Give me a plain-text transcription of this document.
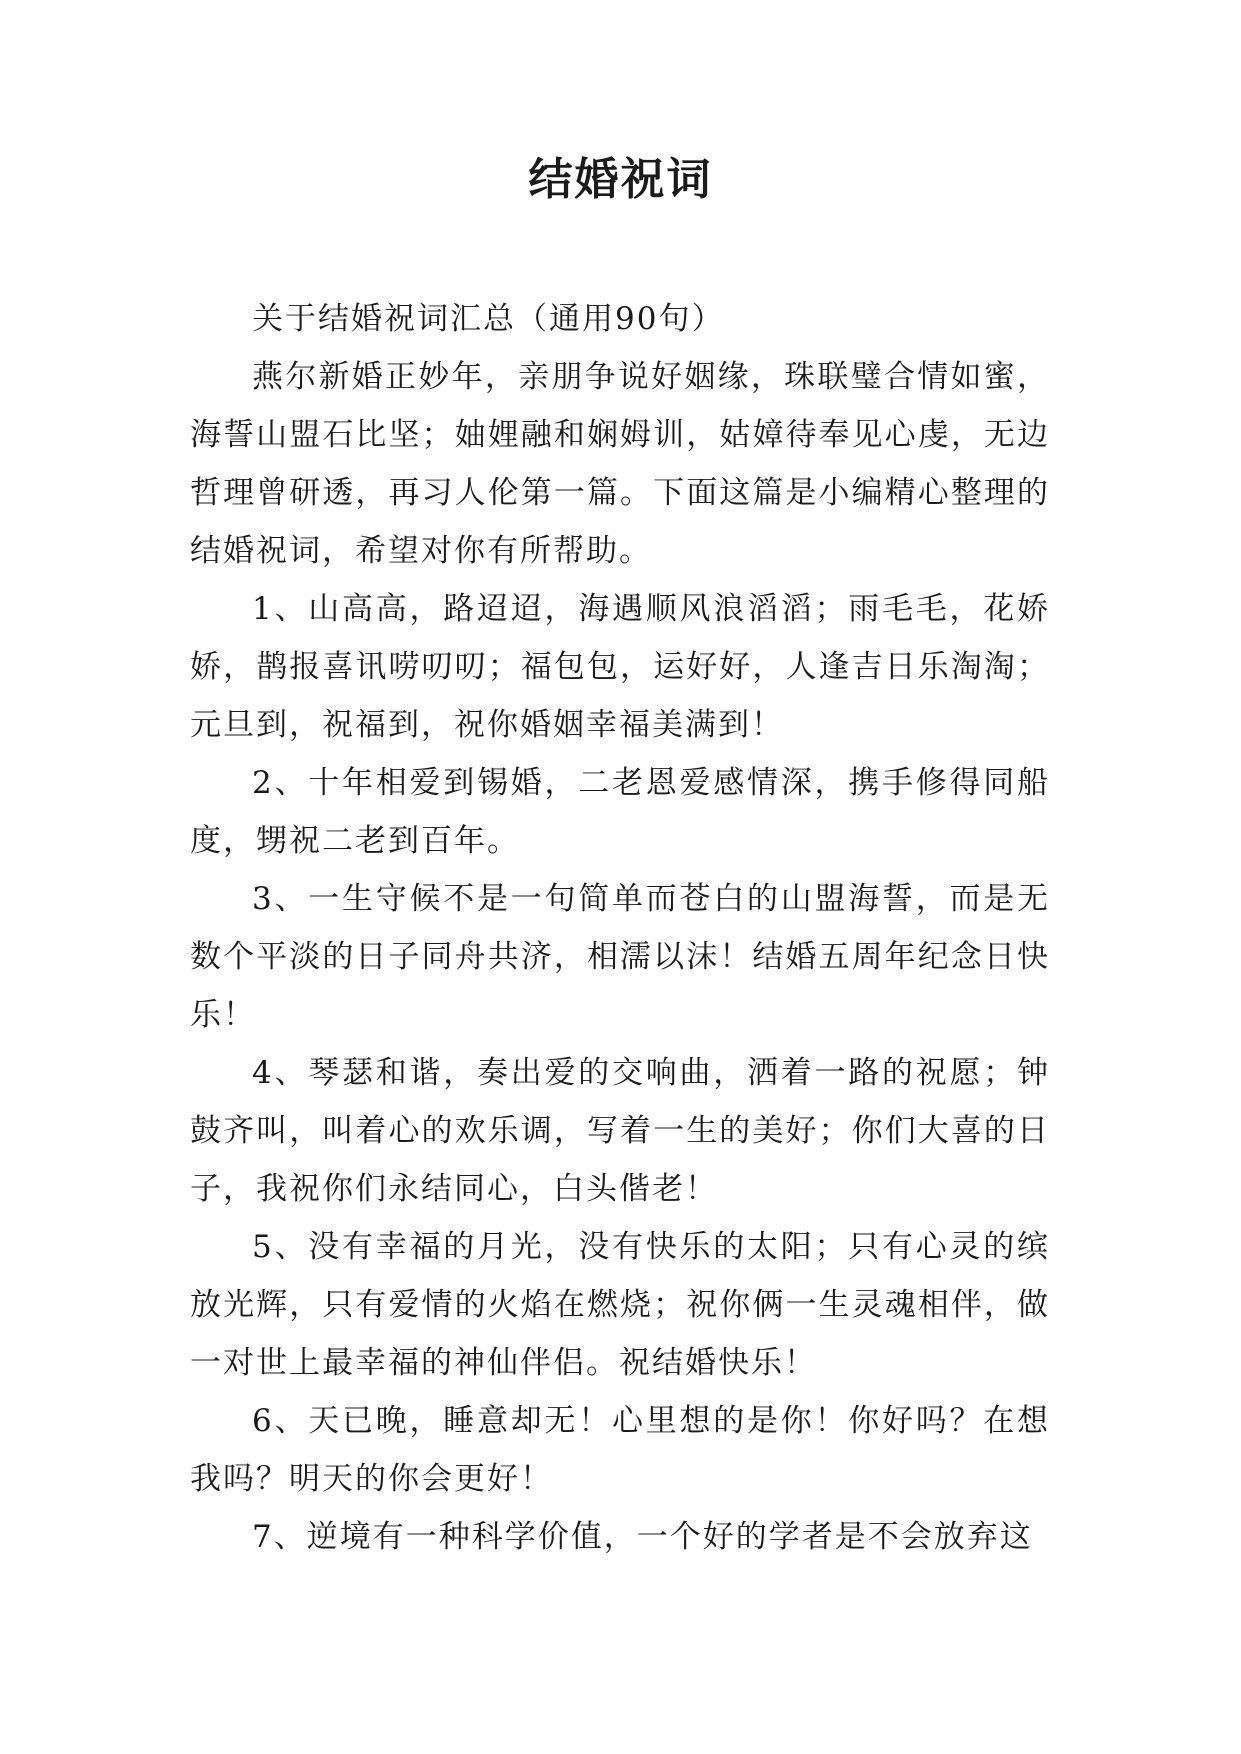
结婚祝词

关于结婚祝词汇总（通用90句）

燕尔新婚正妙年，亲朋争说好姻缘，珠联璧合情如蜜，海誓山盟石比坚；妯娌融和娴姆训，姑嫜待奉见心虔，无边哲理曾研透，再习人伦第一篇。下面这篇是小编精心整理的结婚祝词，希望对你有所帮助。

1、山高高，路迢迢，海遇顺风浪滔滔；雨毛毛，花娇娇，鹊报喜讯唠叨叨；福包包，运好好，人逢吉日乐淘淘；元旦到，祝福到，祝你婚姻幸福美满到！

2、十年相爱到锡婚，二老恩爱感情深，携手修得同船度，甥祝二老到百年。

3、一生守候不是一句简单而苍白的山盟海誓，而是无数个平淡的日子同舟共济，相濡以沫！结婚五周年纪念日快乐！

4、琴瑟和谐，奏出爱的交响曲，洒着一路的祝愿；钟鼓齐叫，叫着心的欢乐调，写着一生的美好；你们大喜的日子，我祝你们永结同心，白头偕老！

5、没有幸福的月光，没有快乐的太阳；只有心灵的缤放光辉，只有爱情的火焰在燃烧；祝你俩一生灵魂相伴，做一对世上最幸福的神仙伴侣。祝结婚快乐！

6、天已晚，睡意却无！心里想的是你！你好吗？在想我吗？明天的你会更好！

7、逆境有一种科学价值，一个好的学者是不会放弃这
